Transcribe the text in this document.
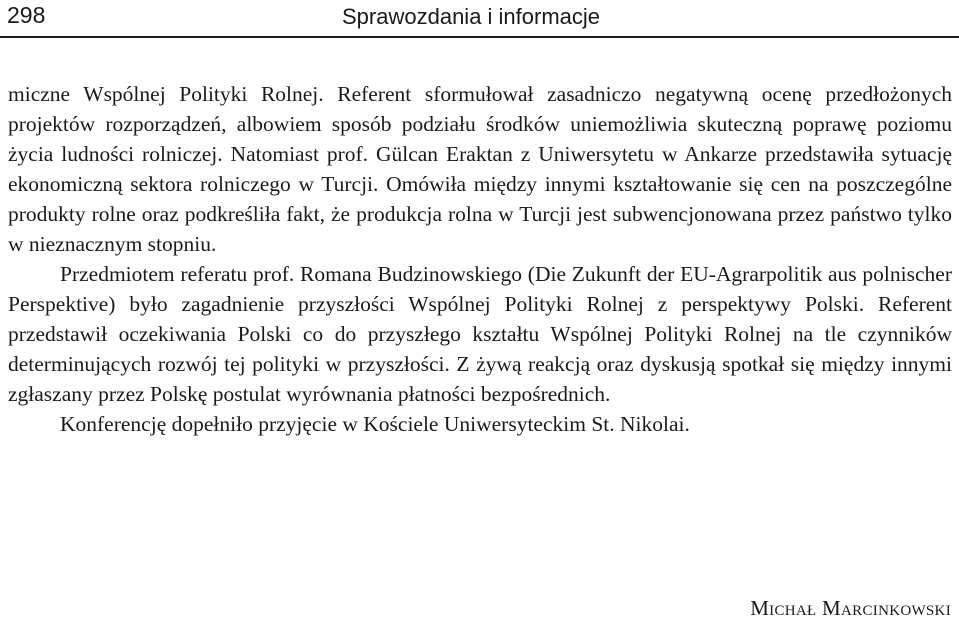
298	Sprawozdania i informacje

miczne Wspólnej Polityki Rolnej. Referent sformułował zasadniczo negatywną ocenę przedłożonych projektów rozporządzeń, albowiem sposób podziału środków uniemożliwia skuteczną poprawę poziomu życia ludności rolniczej. Natomiast prof. Gülcan Eraktan z Uniwersytetu w Ankarze przedstawiła sytuację ekonomiczną sektora rolniczego w Turcji. Omówiła między innymi kształtowanie się cen na poszczególne produkty rolne oraz podkreśliła fakt, że produkcja rolna w Turcji jest subwencjonowana przez państwo tylko w nieznacznym stopniu.

Przedmiotem referatu prof. Romana Budzinowskiego (Die Zukunft der EU-Agrarpolitik aus polnischer Perspektive) było zagadnienie przyszłości Wspólnej Polityki Rolnej z perspektywy Polski. Referent przedstawił oczekiwania Polski co do przyszłego kształtu Wspólnej Polityki Rolnej na tle czynników determinujących rozwój tej polityki w przyszłości. Z żywą reakcją oraz dyskusją spotkał się między innymi zgłaszany przez Polskę postulat wyrównania płatności bezpośrednich.

Konferencję dopełniło przyjęcie w Kościele Uniwersyteckim St. Nikolai.

Michał Marcinkowski
